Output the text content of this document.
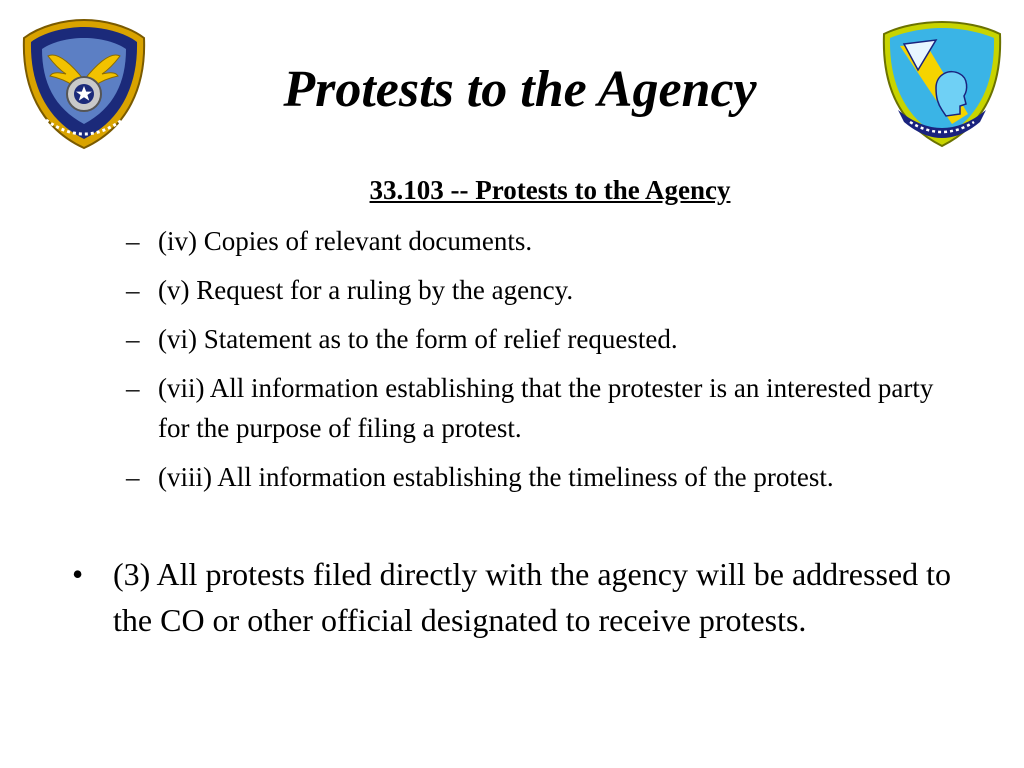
Protests to the Agency
33.103 -- Protests to the Agency
– (iv) Copies of relevant documents.
– (v) Request for a ruling by the agency.
– (vi) Statement as to the form of relief requested.
– (vii) All information establishing that the protester is an interested party for the purpose of filing a protest.
– (viii) All information establishing the timeliness of the protest.
• (3) All protests filed directly with the agency will be addressed to the CO or other official designated to receive protests.
